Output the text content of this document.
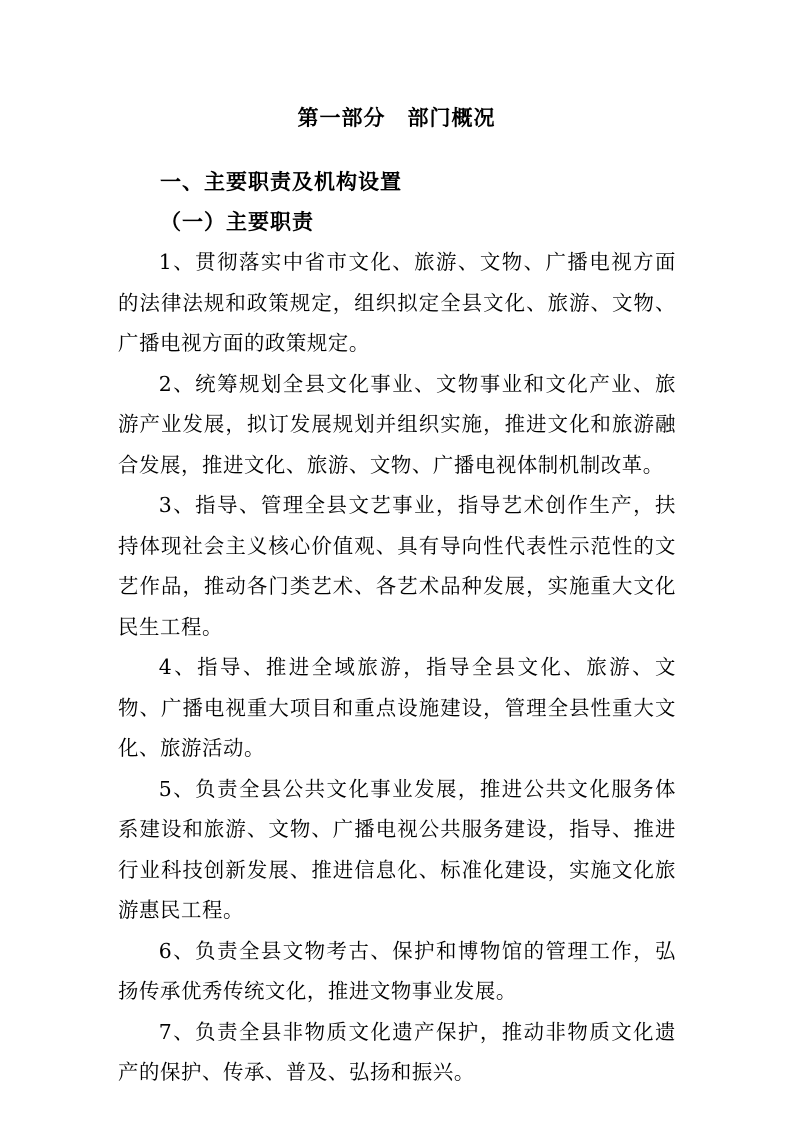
第一部分　部门概况
一、主要职责及机构设置
（一）主要职责

1、贯彻落实中省市文化、旅游、文物、广播电视方面的法律法规和政策规定，组织拟定全县文化、旅游、文物、广播电视方面的政策规定。

2、统筹规划全县文化事业、文物事业和文化产业、旅游产业发展，拟订发展规划并组织实施，推进文化和旅游融合发展，推进文化、旅游、文物、广播电视体制机制改革。

3、指导、管理全县文艺事业，指导艺术创作生产，扶持体现社会主义核心价值观、具有导向性代表性示范性的文艺作品，推动各门类艺术、各艺术品种发展，实施重大文化民生工程。

4、指导、推进全域旅游，指导全县文化、旅游、文物、广播电视重大项目和重点设施建设，管理全县性重大文化、旅游活动。

5、负责全县公共文化事业发展，推进公共文化服务体系建设和旅游、文物、广播电视公共服务建设，指导、推进行业科技创新发展、推进信息化、标准化建设，实施文化旅游惠民工程。

6、负责全县文物考古、保护和博物馆的管理工作，弘扬传承优秀传统文化，推进文物事业发展。

7、负责全县非物质文化遗产保护，推动非物质文化遗产的保护、传承、普及、弘扬和振兴。
